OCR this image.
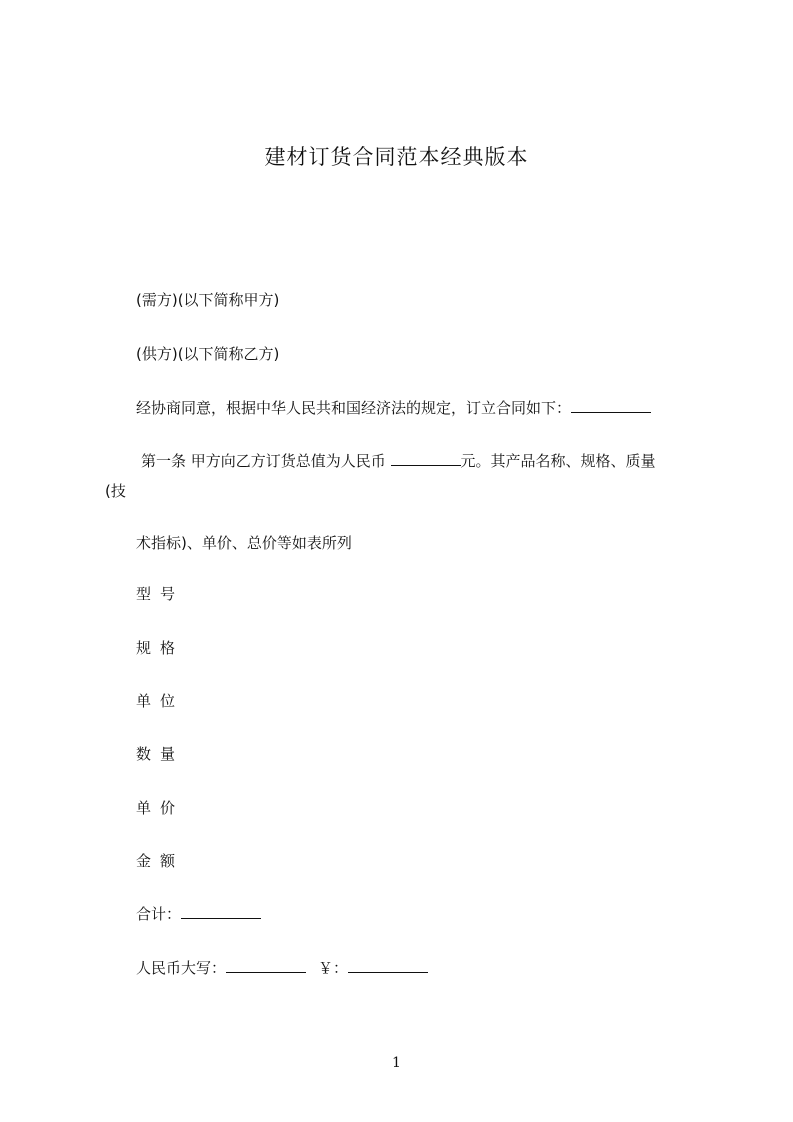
建材订货合同范本经典版本
(需方)(以下简称甲方)
(供方)(以下简称乙方)
经协商同意，根据中华人民共和国经济法的规定，订立合同如下：
第一条 甲方向乙方订货总值为人民币	元。其产品名称、规格、质量
(技
术指标)、单价、总价等如表所列
型号
规格
单位
数量
单价
金额
合计：
人民币大写：	￥：
1
